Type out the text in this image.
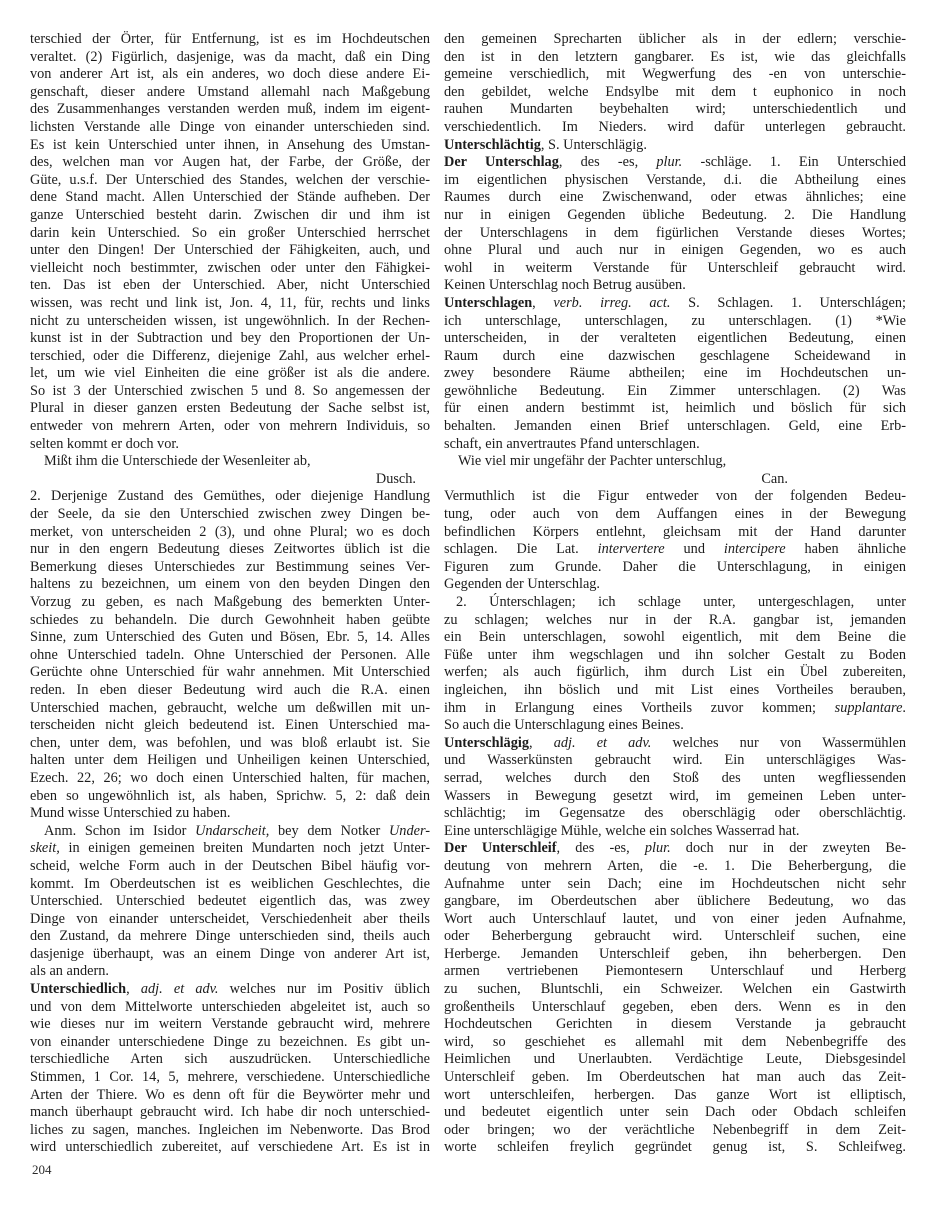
terschied der Örter, für Entfernung, ist es im Hochdeutschen
veraltet. (2) Figürlich, dasjenige, was da macht, daß ein Ding
von anderer Art ist, als ein anderes, wo doch diese andere Ei-
genschaft, dieser andere Umstand allemahl nach Maßgebung
des Zusammenhanges verstanden werden muß, indem im eigent-
lichsten Verstande alle Dinge von einander unterschieden sind.
Es ist kein Unterschied unter ihnen, in Ansehung des Umstan-
des, welchen man vor Augen hat, der Farbe, der Größe, der
Güte, u.s.f. Der Unterschied des Standes, welchen der verschie-
dene Stand macht. Allen Unterschied der Stände aufheben. Der
ganze Unterschied besteht darin. Zwischen dir und ihm ist
darin kein Unterschied. So ein großer Unterschied herrschet
unter den Dingen! Der Unterschied der Fähigkeiten, auch, und
vielleicht noch bestimmter, zwischen oder unter den Fähigkei-
ten. Das ist eben der Unterschied. Aber, nicht Unterschied
wissen, was recht und link ist, Jon. 4, 11, für, rechts und links
nicht zu unterscheiden wissen, ist ungewöhnlich. In der Rechen-
kunst ist in der Subtraction und bey den Proportionen der Un-
terschied, oder die Differenz, diejenige Zahl, aus welcher erhel-
let, um wie viel Einheiten die eine größer ist als die andere.
So ist 3 der Unterschied zwischen 5 und 8. So angemessen der
Plural in dieser ganzen ersten Bedeutung der Sache selbst ist,
entweder von mehrern Arten, oder von mehrern Individuis, so
selten kommt er doch vor.
Mißt ihm die Unterschiede der Wesenleiter ab,
Dusch.
2. Derjenige Zustand des Gemüthes, oder diejenige Handlung
der Seele, da sie den Unterschied zwischen zwey Dingen be-
merket, von unterscheiden 2 (3), und ohne Plural; wo es doch
nur in den engern Bedeutung dieses Zeitwortes üblich ist die
Bemerkung dieses Unterschiedes zur Bestimmung seines Ver-
haltens zu bezeichnen, um einem von den beyden Dingen den
Vorzug zu geben, es nach Maßgebung des bemerkten Unter-
schiedes zu behandeln. Die durch Gewohnheit haben geübte
Sinne, zum Unterschied des Guten und Bösen, Ebr. 5, 14. Alles
ohne Unterschied tadeln. Ohne Unterschied der Personen. Alle
Gerüchte ohne Unterschied für wahr annehmen. Mit Unterschied
reden. In eben dieser Bedeutung wird auch die R.A. einen
Unterschied machen, gebraucht, welche um deßwillen mit un-
terscheiden nicht gleich bedeutend ist. Einen Unterschied ma-
chen, unter dem, was befohlen, und was bloß erlaubt ist. Sie
halten unter dem Heiligen und Unheiligen keinen Unterschied,
Ezech. 22, 26; wo doch einen Unterschied halten, für machen,
eben so ungewöhnlich ist, als haben, Sprichw. 5, 2: daß dein
Mund wisse Unterschied zu haben.
Anm. Schon im Isidor Undarscheit, bey dem Notker Under-
skeit, in einigen gemeinen breiten Mundarten noch jetzt Unter-
scheid, welche Form auch in der Deutschen Bibel häufig vor-
kommt. Im Oberdeutschen ist es weiblichen Geschlechtes, die
Unterschied. Unterschied bedeutet eigentlich das, was zwey
Dinge von einander unterscheidet, Verschiedenheit aber theils
den Zustand, da mehrere Dinge unterschieden sind, theils auch
dasjenige überhaupt, was an einem Dinge von anderer Art ist,
als an andern.
Unterschiedlich, adj. et adv. welches nur im Positiv üblich
und von dem Mittelworte unterschieden abgeleitet ist, auch so
wie dieses nur im weitern Verstande gebraucht wird, mehrere
von einander unterschiedene Dinge zu bezeichnen. Es gibt un-
terschiedliche Arten sich auszudrücken. Unterschiedliche
Stimmen, 1 Cor. 14, 5, mehrere, verschiedene. Unterschiedliche
Arten der Thiere. Wo es denn oft für die Beywörter mehr und
manch überhaupt gebraucht wird. Ich habe dir noch unterschied-
liches zu sagen, manches. Ingleichen im Nebenworte. Das Brod
wird unterschiedlich zubereitet, auf verschiedene Art. Es ist in
den gemeinen Sprecharten üblicher als in der edlern; verschie-
den ist in den letztern gangbarer. Es ist, wie das gleichfalls
gemeine verschiedlich, mit Wegwerfung des -en von unterschie-
den gebildet, welche Endsylbe mit dem t euphonico in noch
rauhen Mundarten beybehalten wird; unterschiedentlich und
verschiedentlich. Im Nieders. wird dafür unterlegen gebraucht.
Unterschlächtig, S. Unterschlägig.
Der Unterschlag, des -es, plur. -schläge. 1. Ein Unterschied
im eigentlichen physischen Verstande, d.i. die Abtheilung eines
Raumes durch eine Zwischenwand, oder etwas ähnliches; eine
nur in einigen Gegenden übliche Bedeutung. 2. Die Handlung
der Unterschlagens in dem figürlichen Verstande dieses Wortes;
ohne Plural und auch nur in einigen Gegenden, wo es auch
wohl in weiterm Verstande für Unterschleif gebraucht wird.
Keinen Unterschlag noch Betrug ausüben.
Unterschlagen, verb. irreg. act. S. Schlagen. 1. Unterschlágen;
ich unterschlage, unterschlagen, zu unterschlagen. (1) *Wie
unterscheiden, in der veralteten eigentlichen Bedeutung, einen
Raum durch eine dazwischen geschlagene Scheidewand in
zwey besondere Räume abtheilen; eine im Hochdeutschen un-
gewöhnliche Bedeutung. Ein Zimmer unterschlagen. (2) Was
für einen andern bestimmt ist, heimlich und böslich für sich
behalten. Jemanden einen Brief unterschlagen. Geld, eine Erb-
schaft, ein anvertrautes Pfand unterschlagen.
Wie viel mir ungefähr der Pachter unterschlug,
Can.
Vermuthlich ist die Figur entweder von der folgenden Bedeu-
tung, oder auch von dem Auffangen eines in der Bewegung
befindlichen Körpers entlehnt, gleichsam mit der Hand darunter
schlagen. Die Lat. intervertere und intercipere haben ähnliche
Figuren zum Grunde. Daher die Unterschlagung, in einigen
Gegenden der Unterschlag.
2. Únterschlagen; ich schlage unter, untergeschlagen, unter
zu schlagen; welches nur in der R.A. gangbar ist, jemanden
ein Bein unterschlagen, sowohl eigentlich, mit dem Beine die
Füße unter ihm wegschlagen und ihn solcher Gestalt zu Boden
werfen; als auch figürlich, ihm durch List ein Übel zubereiten,
ingleichen, ihn böslich und mit List eines Vortheiles berauben,
ihm in Erlangung eines Vortheils zuvor kommen; supplantare.
So auch die Unterschlagung eines Beines.
Unterschlägig, adj. et adv. welches nur von Wassermühlen
und Wasserkünsten gebraucht wird. Ein unterschlägiges Was-
serrad, welches durch den Stoß des unten wegfliessenden
Wassers in Bewegung gesetzt wird, im gemeinen Leben unter-
schlächtig; im Gegensatze des oberschlägig oder oberschlächtig.
Eine unterschlägige Mühle, welche ein solches Wasserrad hat.
Der Unterschleif, des -es, plur. doch nur in der zweyten Be-
deutung von mehrern Arten, die -e. 1. Die Beherbergung, die
Aufnahme unter sein Dach; eine im Hochdeutschen nicht sehr
gangbare, im Oberdeutschen aber üblichere Bedeutung, wo das
Wort auch Unterschlauf lautet, und von einer jeden Aufnahme,
oder Beherbergung gebraucht wird. Unterschleif suchen, eine
Herberge. Jemanden Unterschleif geben, ihn beherbergen. Den
armen vertriebenen Piemontesern Unterschlauf und Herberg
zu suchen, Bluntschli, ein Schweizer. Welchen ein Gastwirth
großentheils Unterschlauf gegeben, eben ders. Wenn es in den
Hochdeutschen Gerichten in diesem Verstande ja gebraucht
wird, so geschiehet es allemahl mit dem Nebenbegriffe des
Heimlichen und Unerlaubten. Verdächtige Leute, Diebsgesindel
Unterschleif geben. Im Oberdeutschen hat man auch das Zeit-
wort unterschleifen, herbergen. Das ganze Wort ist elliptisch,
und bedeutet eigentlich unter sein Dach oder Obdach schleifen
oder bringen; wo der verächtliche Nebenbegriff in dem Zeit-
worte schleifen freylich gegründet genug ist, S. Schleifweg.
204
